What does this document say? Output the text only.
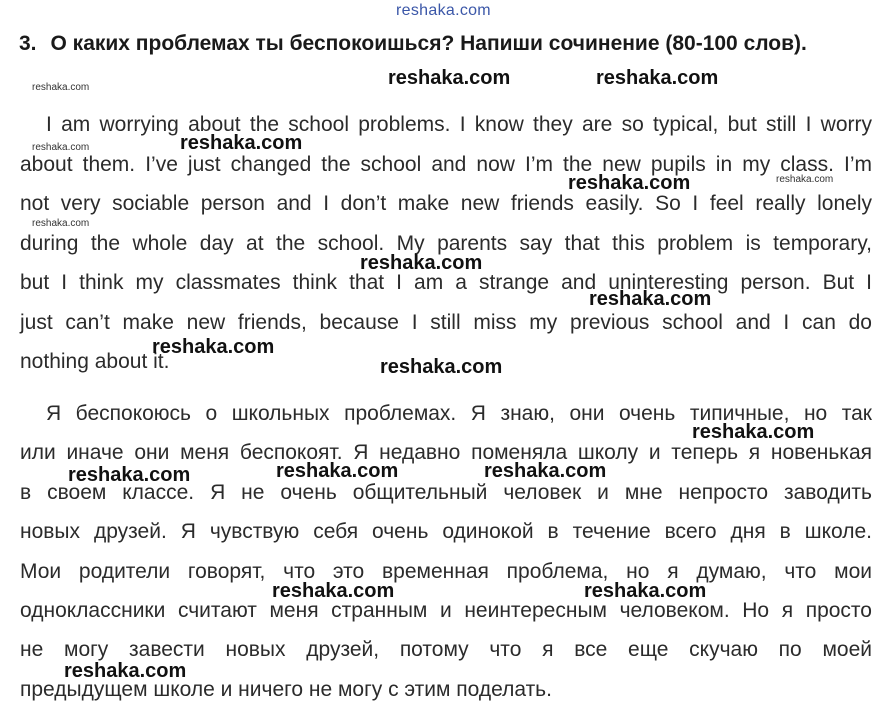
reshaka.com
3. О каких проблемах ты беспокоишься? Напиши сочинение (80-100 слов).
I am worrying about the school problems. I know they are so typical, but still I worry
about them. I’ve just changed the school and now I’m the new pupils in my class. I’m
not very sociable person and I don’t make new friends easily. So I feel really lonely
during the whole day at the school. My parents say that this problem is temporary,
but I think my classmates think that I am a strange and uninteresting person. But I
just can’t make new friends, because I still miss my previous school and I can do
nothing about it.
Я беспокоюсь о школьных проблемах. Я знаю, они очень типичные, но так
или иначе они меня беспокоят. Я недавно поменяла школу и теперь я новенькая
в своем классе. Я не очень общительный человек и мне непросто заводить
новых друзей. Я чувствую себя очень одинокой в течение всего дня в школе.
Мои родители говорят, что это временная проблема, но я думаю, что мои
одноклассники считают меня странным и неинтересным человеком. Но я просто
не могу завести новых друзей, потому что я все еще скучаю по моей
предыдущем школе и ничего не могу с этим поделать.
reshaka.com	reshaka.com
reshaka.com
reshaka.com
reshaka.com
reshaka.com	reshaka.com
reshaka.com
reshaka.com
reshaka.com
reshaka.com
reshaka.com
reshaka.com
reshaka.com	reshaka.com	reshaka.com
reshaka.com	reshaka.com
reshaka.com
